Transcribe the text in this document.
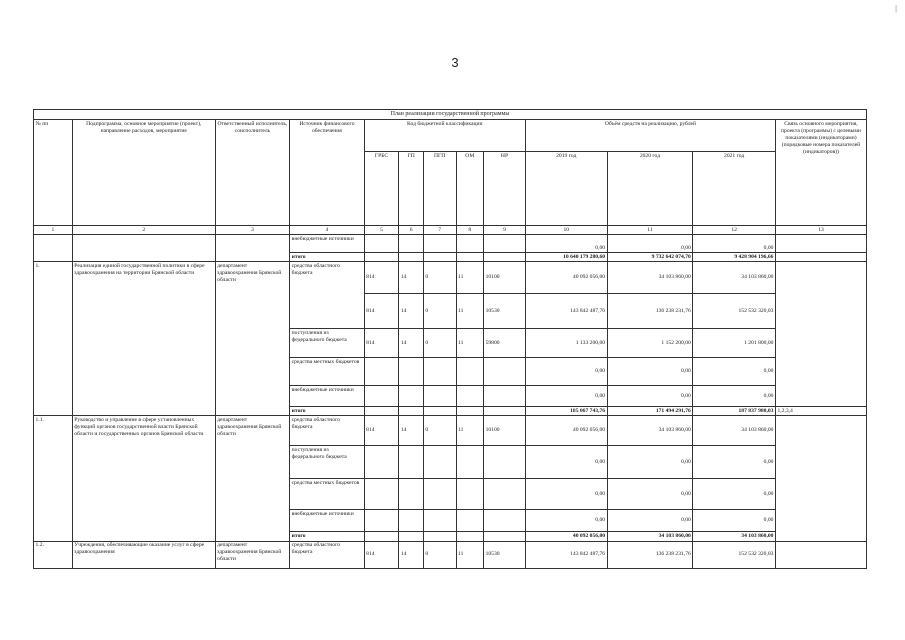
3
|
План реализации государственной программы												
№ пп	Подпрограмма, основное мероприятие (проект), направление расходов, мероприятие	Ответственный исполнитель, соисполнитель	Источник финансового обеспечения	Код бюджетной классификации					Объём средств на реализацию, рублей			Связь основного мероприятия, проекта (программы) с целевыми показателями (индикаторами) (порядковые номера показателей (индикаторов))
				ГРБС	ГП	ПГП	ОМ	НР	2019 год	2020 год	2021 год	
1	2	3	4	5	6	7	8	9	10	11	12	13
			внебюджетные источники						0,00	0,00	0,00	
			итого						10 640 179 280,60	9 732 642 074,70	9 428 904 196,66	
1.	Реализация единой государственной политики в сфере здравоохранения на территории Брянской области	департамент здравоохранения Брянской области	средства областного бюджета	814	14	0	11	10100	40 092 056,00	34 103 860,00	34 103 860,00	
				814	14	0	11	10530	143 842 487,76	136 238 231,76	152 532 320,03	
			поступления из федерального бюджета	814	14	0	11	59800	1 133 200,00	1 152 200,00	1 201 800,00	
			средства местных бюджетов						0,00	0,00	0,00	
			внебюджетные источники						0,00	0,00	0,00	
			итого						185 067 743,76	171 494 291,76	187 837 980,03	1,2,3,4
1.1.	Руководство и управление в сфере установленных функций органов государственной власти Брянской области и государственных органов Брянской области	департамент здравоохранения Брянской области	средства областного бюджета	814	14	0	11	10100	40 092 056,00	34 103 860,00	34 103 860,00	
			поступления из федерального бюджета						0,00	0,00	0,00	
			средства местных бюджетов						0,00	0,00	0,00	
			внебюджетные источники						0,00	0,00	0,00	
			итого						40 092 056,00	34 103 860,00	34 103 860,00	
1.2.	Учреждения, обеспечивающие оказание услуг в сфере здравоохранения	департамент здравоохранения Брянской области	средства областного бюджета	814	14	0	11	10530	143 842 487,76	136 238 231,76	152 532 320,03	
